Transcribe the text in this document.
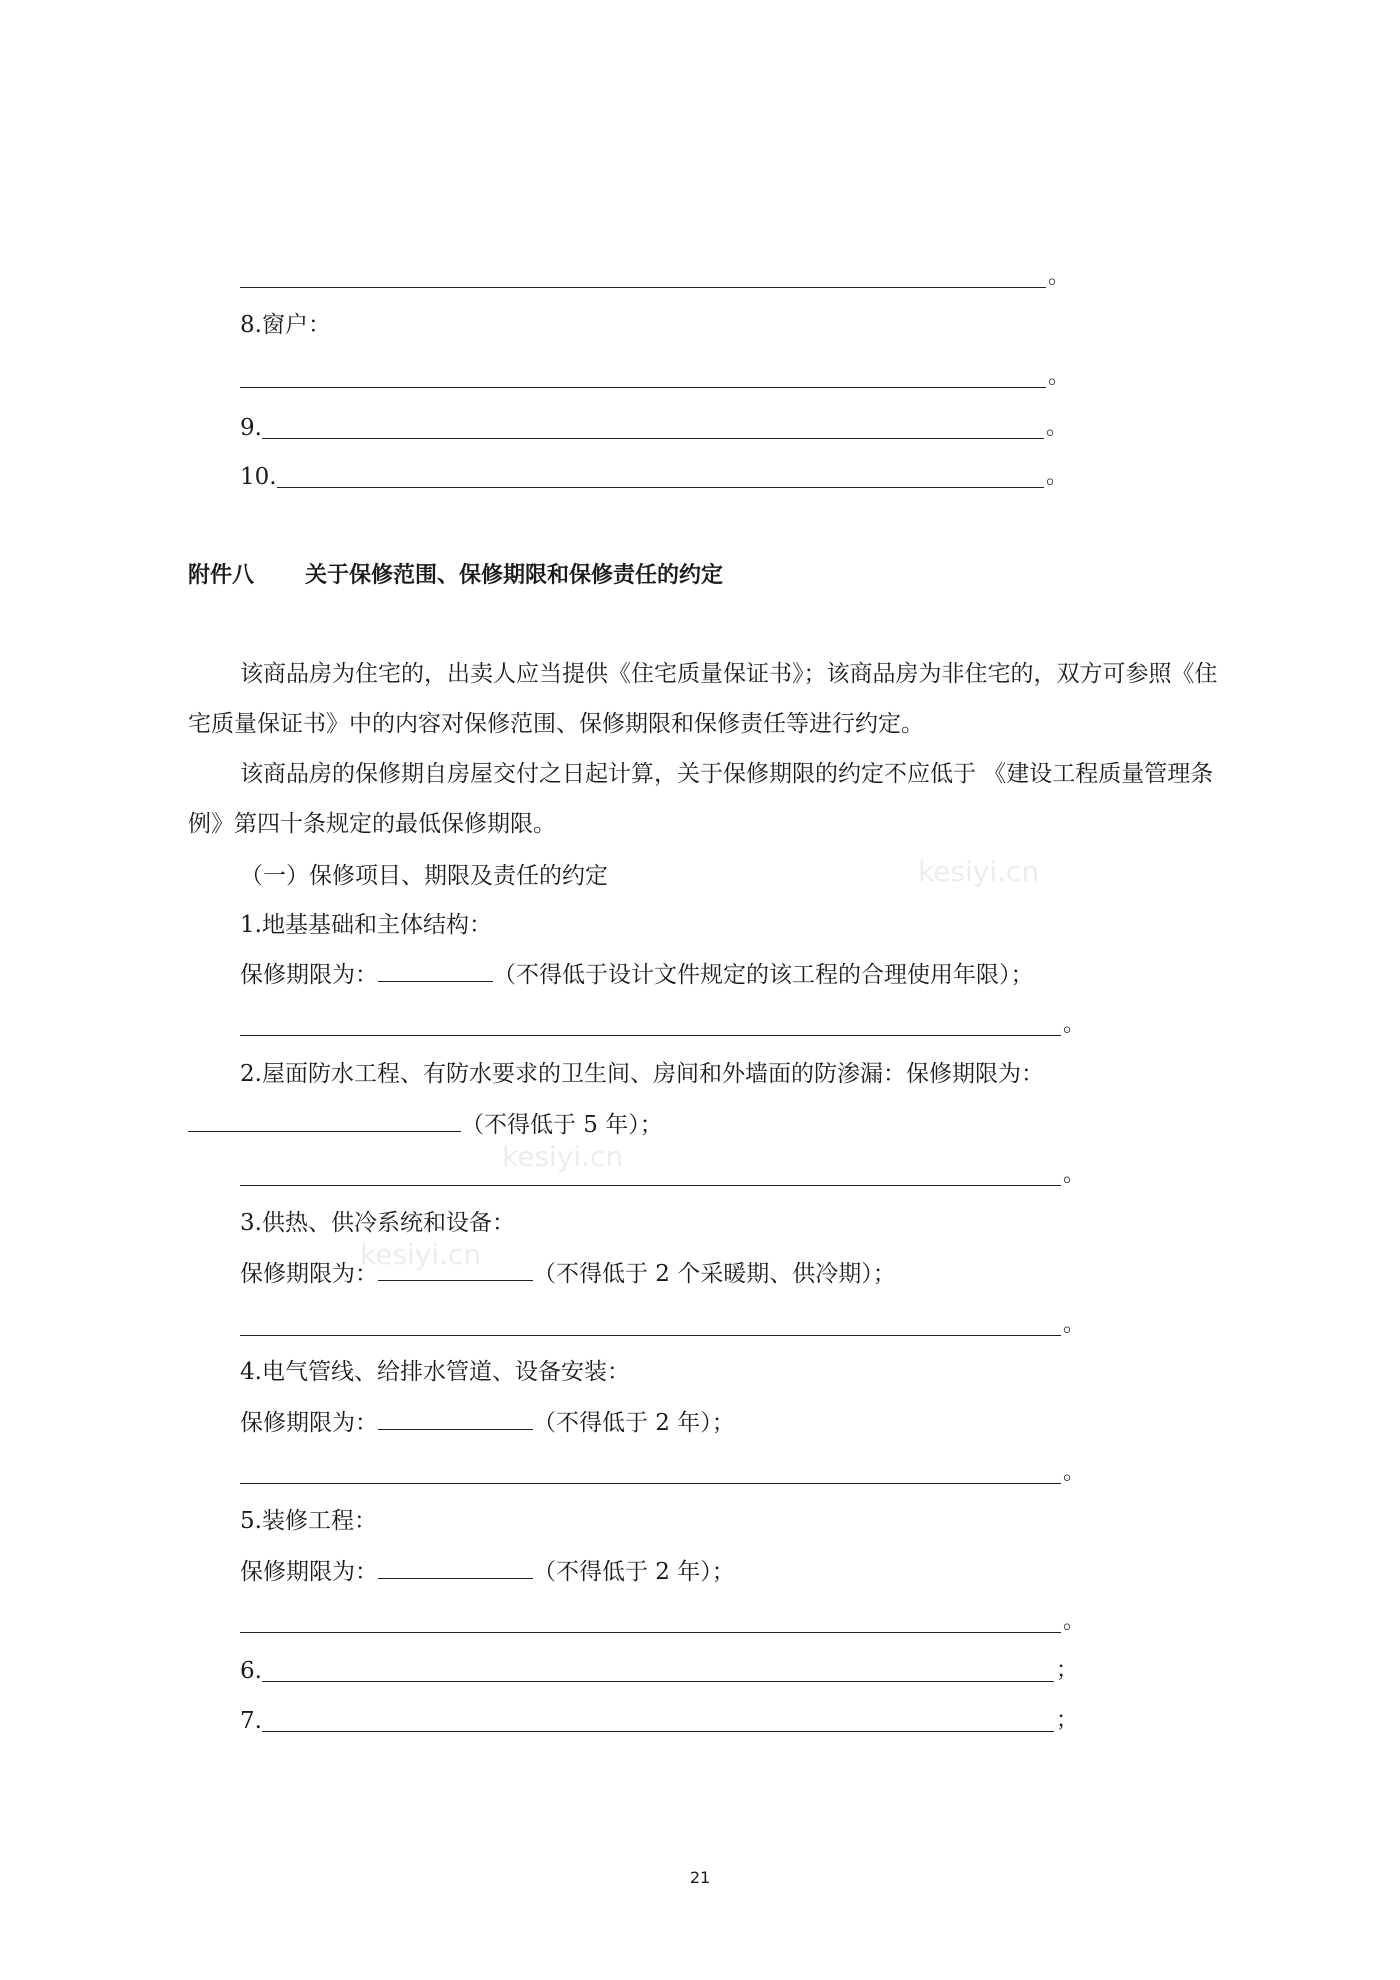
kesiyi.cn
kesiyi.cn
kesiyi.cn
。
8.窗户：
。
9.	。
10.	。
附件八 关于保修范围、保修期限和保修责任的约定
该商品房为住宅的，出卖人应当提供《住宅质量保证书》；该商品房为非住宅的，双方可参照《住宅质量保证书》中的内容对保修范围、保修期限和保修责任等进行约定。
该商品房的保修期自房屋交付之日起计算，关于保修期限的约定不应低于 《建设工程质量管理条例》第四十条规定的最低保修期限。
（一）保修项目、期限及责任的约定
1.地基基础和主体结构：
保修期限为：	（不得低于设计文件规定的该工程的合理使用年限）；
。
2.屋面防水工程、有防水要求的卫生间、房间和外墙面的防渗漏：保修期限为：
（不得低于 5 年）；
。
3.供热、供冷系统和设备：
保修期限为：	（不得低于 2 个采暖期、供冷期）；
。
4.电气管线、给排水管道、设备安装：
保修期限为：	（不得低于 2 年）；
。
5.装修工程：
保修期限为：	（不得低于 2 年）；
。
6.	；
7.	；
21
